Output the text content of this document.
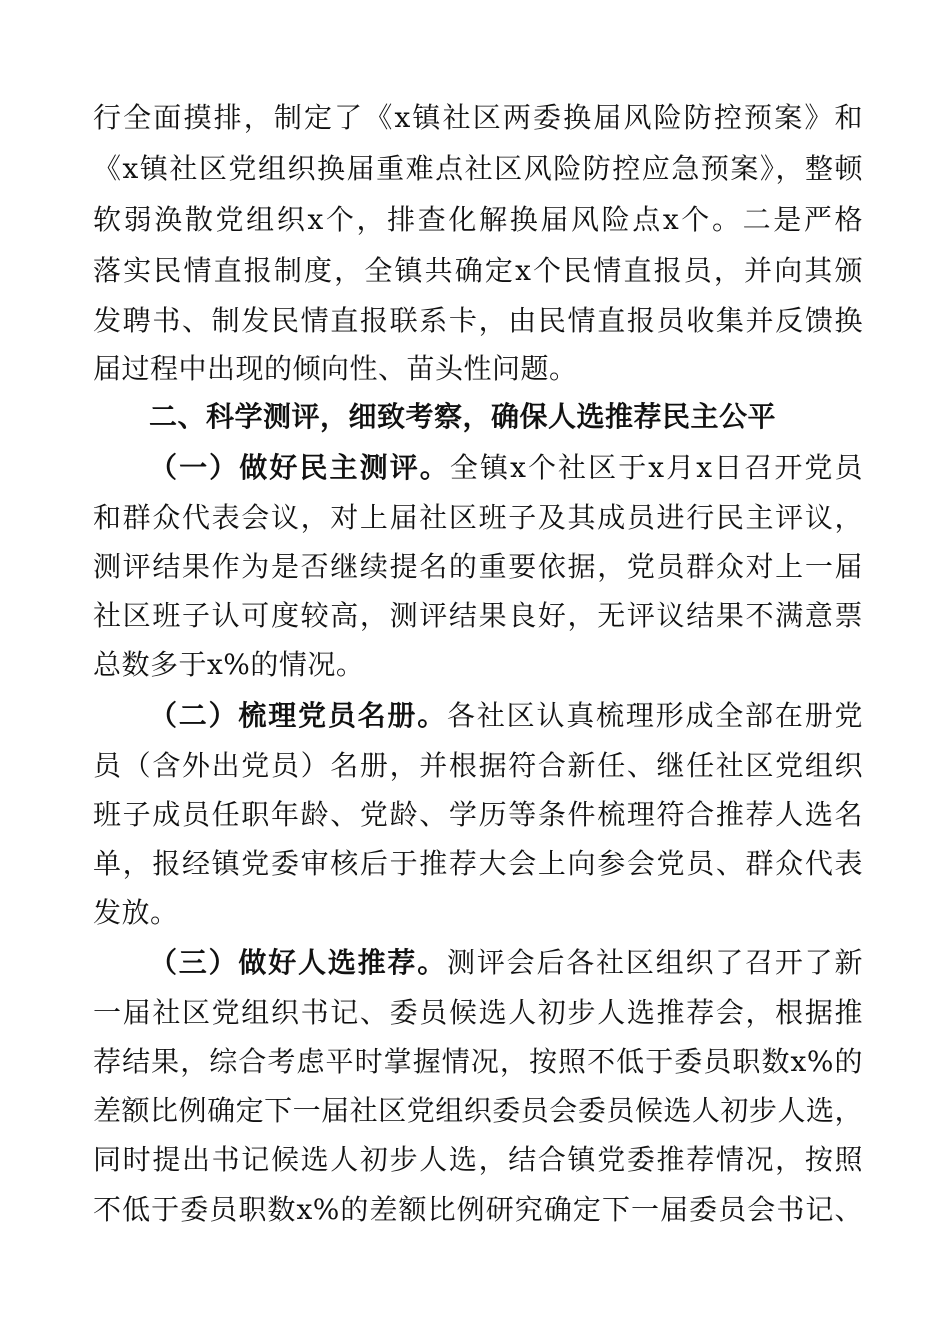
行全面摸排，制定了《x镇社区两委换届风险防控预案》和
《x镇社区党组织换届重难点社区风险防控应急预案》，整顿
软弱涣散党组织x个，排查化解换届风险点x个。二是严格
落实民情直报制度，全镇共确定x个民情直报员，并向其颁
发聘书、制发民情直报联系卡，由民情直报员收集并反馈换
届过程中出现的倾向性、苗头性问题。
二、科学测评，细致考察，确保人选推荐民主公平
（一）做好民主测评。全镇x个社区于x月x日召开党员
和群众代表会议，对上届社区班子及其成员进行民主评议，
测评结果作为是否继续提名的重要依据，党员群众对上一届
社区班子认可度较高，测评结果良好，无评议结果不满意票
总数多于x%的情况。
（二）梳理党员名册。各社区认真梳理形成全部在册党
员（含外出党员）名册，并根据符合新任、继任社区党组织
班子成员任职年龄、党龄、学历等条件梳理符合推荐人选名
单，报经镇党委审核后于推荐大会上向参会党员、群众代表
发放。
（三）做好人选推荐。测评会后各社区组织了召开了新
一届社区党组织书记、委员候选人初步人选推荐会，根据推
荐结果，综合考虑平时掌握情况，按照不低于委员职数x%的
差额比例确定下一届社区党组织委员会委员候选人初步人选，
同时提出书记候选人初步人选，结合镇党委推荐情况，按照
不低于委员职数x%的差额比例研究确定下一届委员会书记、
